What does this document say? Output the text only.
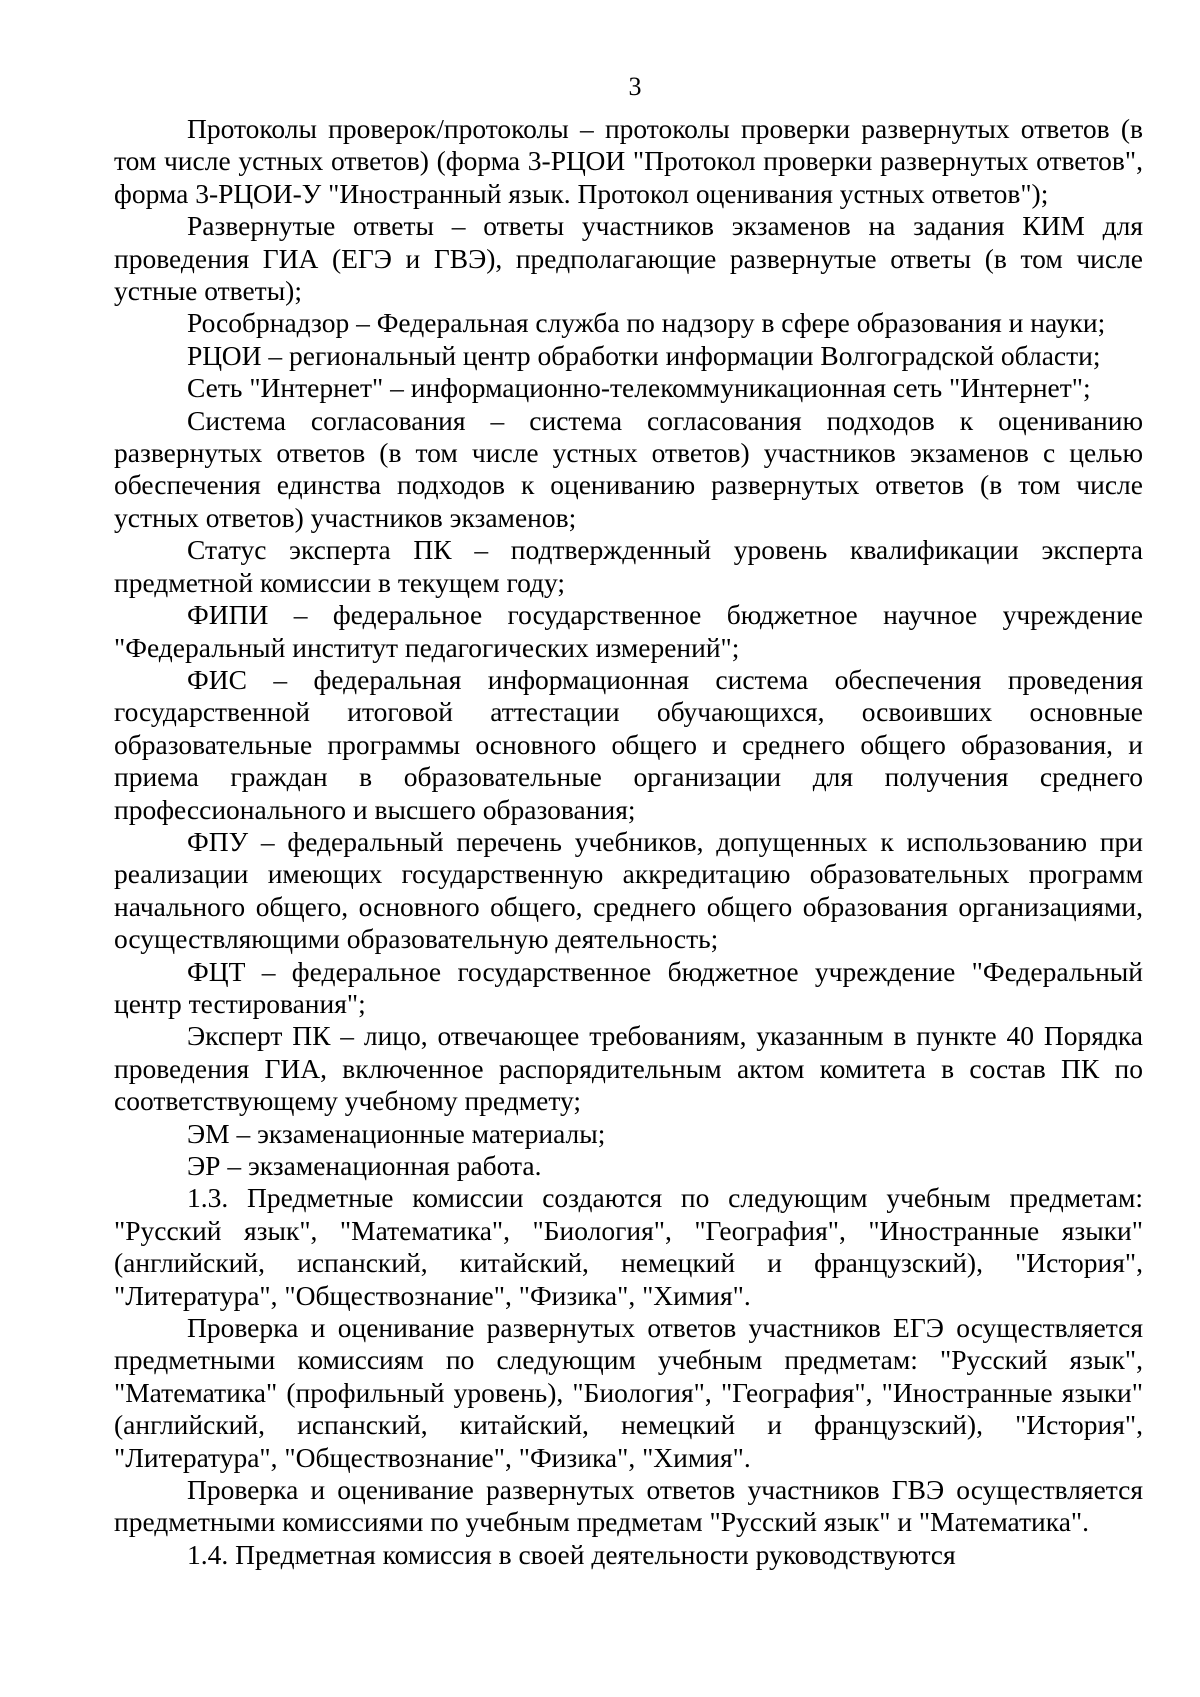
3

Протоколы проверок/протоколы – протоколы проверки развернутых ответов (в том числе устных ответов) (форма 3-РЦОИ "Протокол проверки развернутых ответов", форма 3-РЦОИ-У "Иностранный язык. Протокол оценивания устных ответов");

Развернутые ответы – ответы участников экзаменов на задания КИМ для проведения ГИА (ЕГЭ и ГВЭ), предполагающие развернутые ответы (в том числе устные ответы);

Рособрнадзор – Федеральная служба по надзору в сфере образования и науки;

РЦОИ – региональный центр обработки информации Волгоградской области;

Сеть "Интернет" – информационно-телекоммуникационная сеть "Интернет";

Система согласования – система согласования подходов к оцениванию развернутых ответов (в том числе устных ответов) участников экзаменов с целью обеспечения единства подходов к оцениванию развернутых ответов (в том числе устных ответов) участников экзаменов;

Статус эксперта ПК – подтвержденный уровень квалификации эксперта предметной комиссии в текущем году;

ФИПИ – федеральное государственное бюджетное научное учреждение "Федеральный институт педагогических измерений";

ФИС – федеральная информационная система обеспечения проведения государственной итоговой аттестации обучающихся, освоивших основные образовательные программы основного общего и среднего общего образования, и приема граждан в образовательные организации для получения среднего профессионального и высшего образования;

ФПУ – федеральный перечень учебников, допущенных к использованию при реализации имеющих государственную аккредитацию образовательных программ начального общего, основного общего, среднего общего образования организациями, осуществляющими образовательную деятельность;

ФЦТ – федеральное государственное бюджетное учреждение "Федеральный центр тестирования";

Эксперт ПК – лицо, отвечающее требованиям, указанным в пункте 40 Порядка проведения ГИА, включенное распорядительным актом комитета в состав ПК по соответствующему учебному предмету;

ЭМ – экзаменационные материалы;

ЭР – экзаменационная работа.

1.3. Предметные комиссии создаются по следующим учебным предметам: "Русский язык", "Математика", "Биология", "География", "Иностранные языки" (английский, испанский, китайский, немецкий и французский), "История", "Литература", "Обществознание", "Физика", "Химия".

Проверка и оценивание развернутых ответов участников ЕГЭ осуществляется предметными комиссиям по следующим учебным предметам: "Русский язык", "Математика" (профильный уровень), "Биология", "География", "Иностранные языки" (английский, испанский, китайский, немецкий и французский), "История", "Литература", "Обществознание", "Физика", "Химия".

Проверка и оценивание развернутых ответов участников ГВЭ осуществляется предметными комиссиями по учебным предметам "Русский язык" и "Математика".

1.4. Предметная комиссия в своей деятельности руководствуются
